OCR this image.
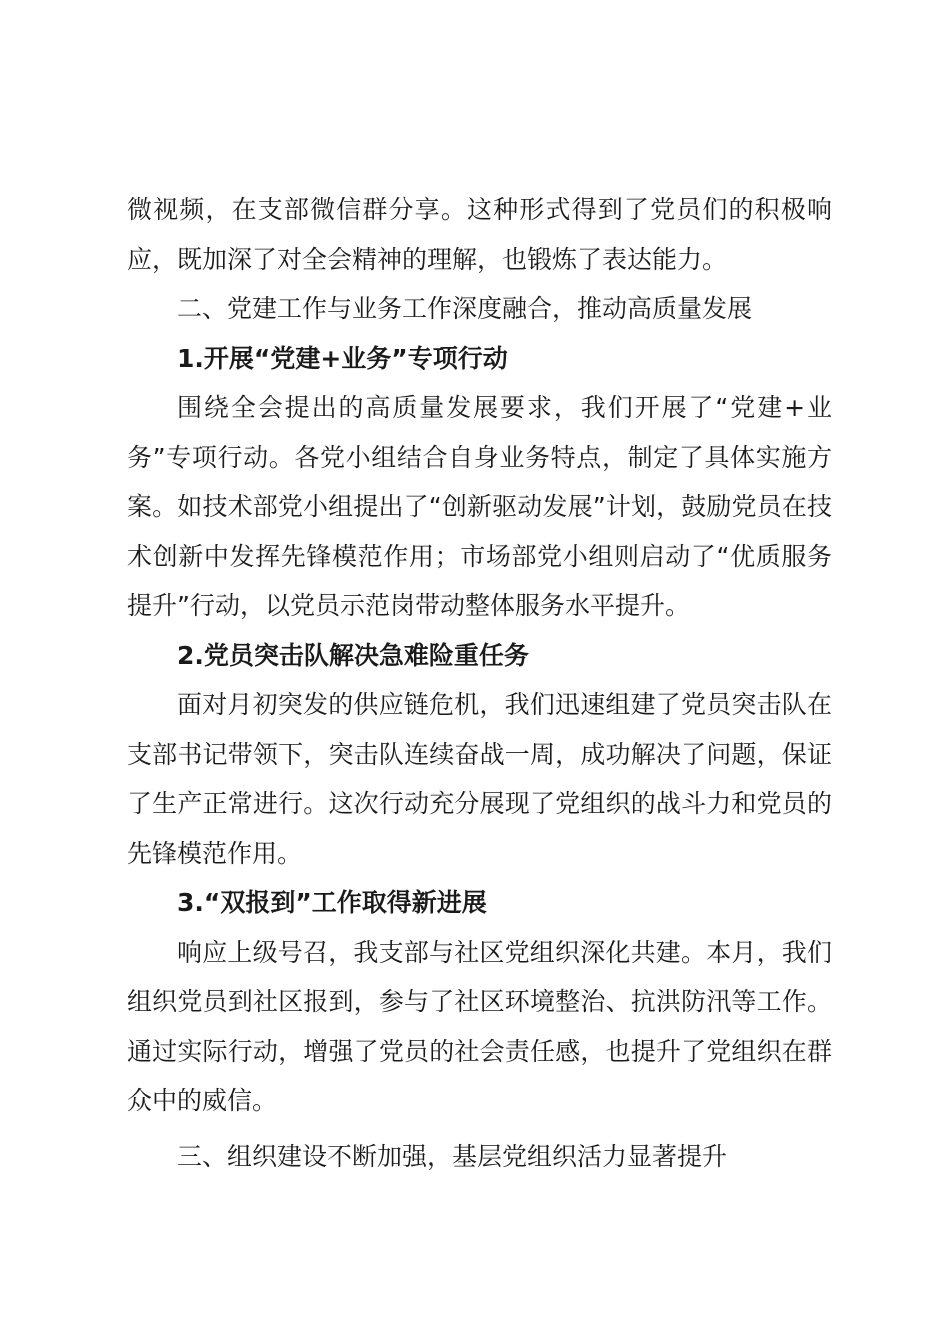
微视频，在支部微信群分享。这种形式得到了党员们的积极响应，既加深了对全会精神的理解，也锻炼了表达能力。

二、党建工作与业务工作深度融合，推动高质量发展

1.开展“党建+业务”专项行动

围绕全会提出的高质量发展要求，我们开展了“党建+业务”专项行动。各党小组结合自身业务特点，制定了具体实施方案。如技术部党小组提出了“创新驱动发展”计划，鼓励党员在技术创新中发挥先锋模范作用；市场部党小组则启动了“优质服务提升”行动，以党员示范岗带动整体服务水平提升。

2.党员突击队解决急难险重任务

面对月初突发的供应链危机，我们迅速组建了党员突击队在支部书记带领下，突击队连续奋战一周，成功解决了问题，保证了生产正常进行。这次行动充分展现了党组织的战斗力和党员的先锋模范作用。

3.“双报到”工作取得新进展

响应上级号召，我支部与社区党组织深化共建。本月，我们组织党员到社区报到，参与了社区环境整治、抗洪防汛等工作。通过实际行动，增强了党员的社会责任感，也提升了党组织在群众中的威信。

三、组织建设不断加强，基层党组织活力显著提升
